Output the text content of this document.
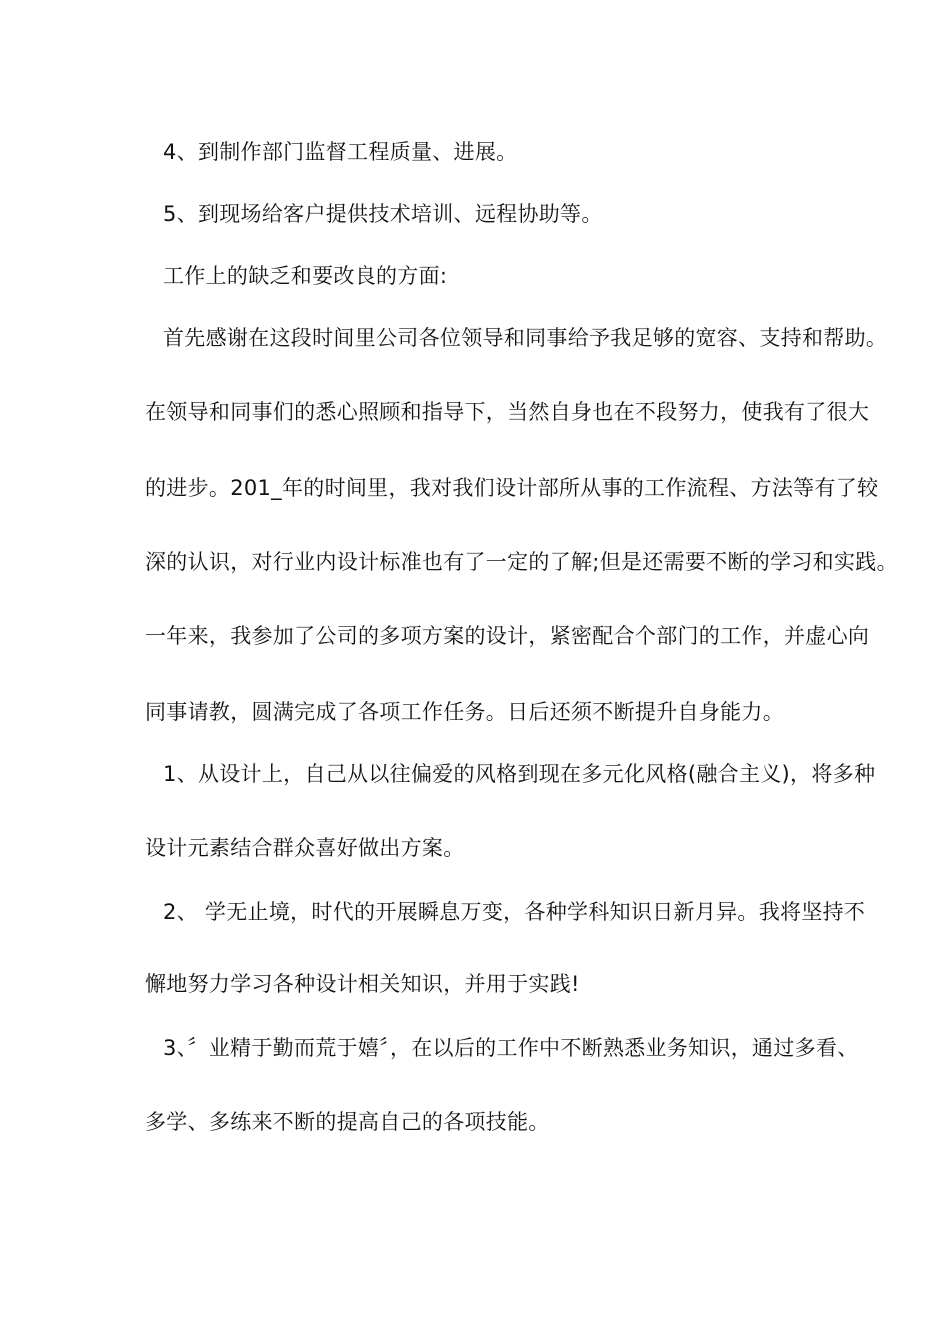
4、到制作部门监督工程质量、进展。
5、到现场给客户提供技术培训、远程协助等。
工作上的缺乏和要改良的方面:
首先感谢在这段时间里公司各位领导和同事给予我足够的宽容、支持和帮助。
在领导和同事们的悉心照顾和指导下，当然自身也在不段努力，使我有了很大
的进步。201_年的时间里，我对我们设计部所从事的工作流程、方法等有了较
深的认识，对行业内设计标准也有了一定的了解;但是还需要不断的学习和实践。
一年来，我参加了公司的多项方案的设计，紧密配合个部门的工作，并虚心向
同事请教，圆满完成了各项工作任务。日后还须不断提升自身能力。
1、从设计上，自己从以往偏爱的风格到现在多元化风格(融合主义)，将多种
设计元素结合群众喜好做出方案。
2、 学无止境，时代的开展瞬息万变，各种学科知识日新月异。我将坚持不
懈地努力学习各种设计相关知识，并用于实践!
3、〞业精于勤而荒于嬉〞，在以后的工作中不断熟悉业务知识，通过多看、
多学、多练来不断的提高自己的各项技能。
